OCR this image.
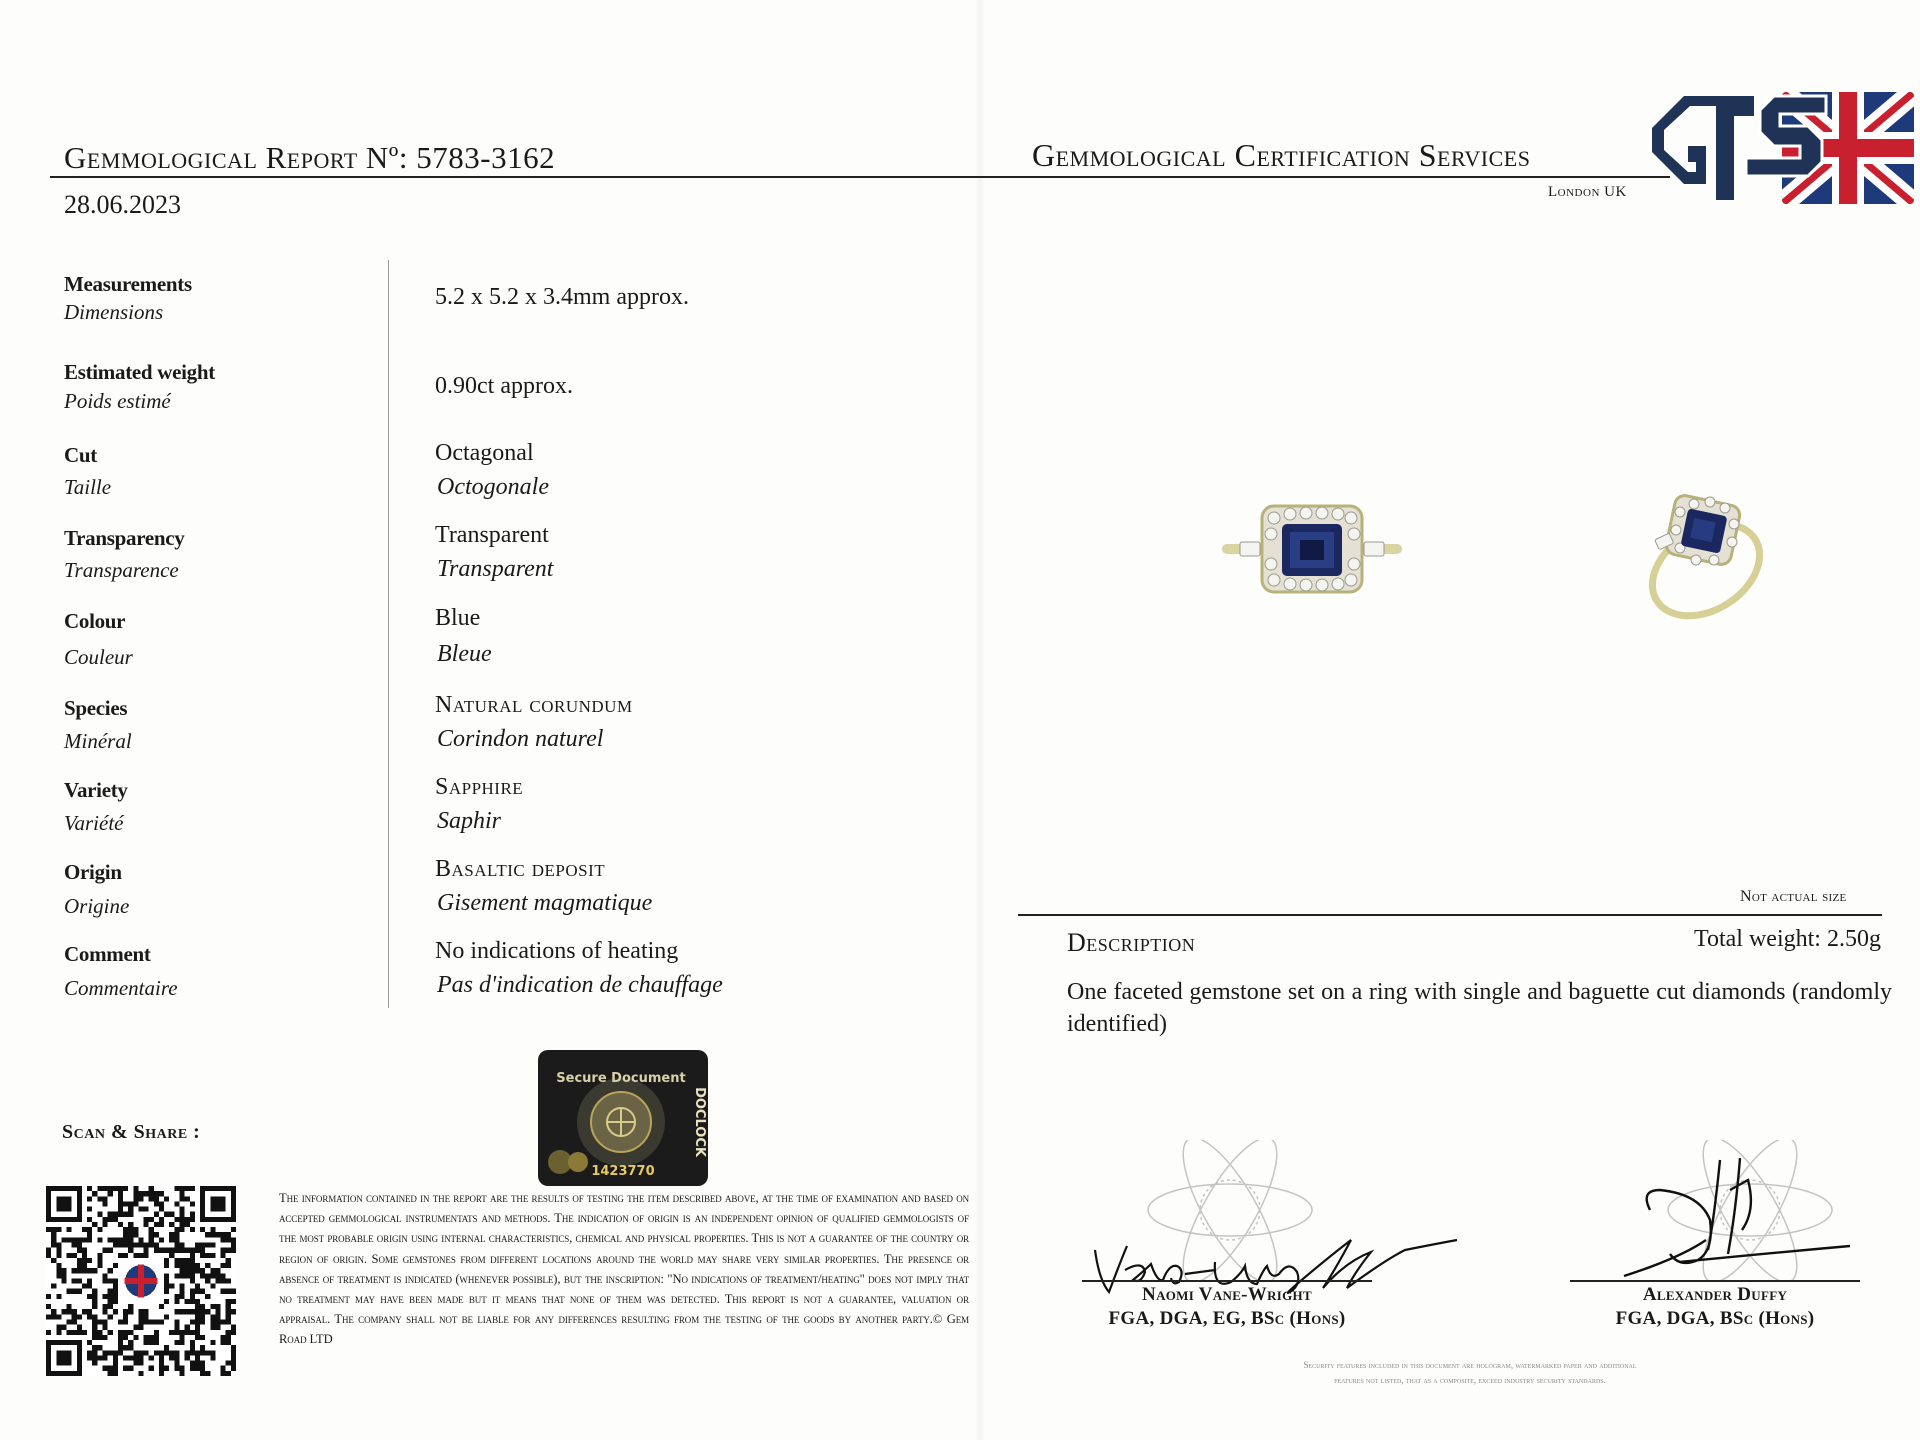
Gemmological Report Nº: 5783-3162
28.06.2023
Gemmological Certification Services
London UK
Measurements
Dimensions
5.2 x 5.2 x 3.4mm approx.
Estimated weight
Poids estimé
0.90ct approx.
Cut
Taille
Octagonal
Octogonale
Transparency
Transparence
Transparent
Transparent
Colour
Couleur
Blue
Bleue
Species
Minéral
Natural corundum
Corindon naturel
Variety
Variété
Sapphire
Saphir
Origin
Origine
Basaltic deposit
Gisement magmatique
Comment
Commentaire
No indications of heating
Pas d'indication de chauffage
Scan & Share :
Secure Document
DOCLOCK
1423770
The information contained in the report are the results of testing the item described above, at the time of examination and based on accepted gemmological instrumentats and methods. The indication of origin is an independent opinion of qualified gemmologists of the most probable origin using internal characteristics, chemical and physical properties. This is not a guarantee of the country or region of origin. Some gemstones from different locations around the world may share very similar properties. The presence or absence of treatment is indicated (whenever possible), but the inscription: "No indications of treatment/heating" does not imply that no treatment may have been made but it means that none of them was detected. This report is not a guarantee, valuation or appraisal. The company shall not be liable for any differences resulting from the testing of the goods by another party.© Gem Road LTD
Not actual size
Description	Total weight: 2.50g
One faceted gemstone set on a ring with single and baguette cut diamonds (randomly identified)
Naomi Vane-Wright
FGA, DGA, EG, BSc (Hons)
Alexander Duffy
FGA, DGA, BSc (Hons)
Security features included in this document are hologram, watermarked paper and additional features not listed, that as a composite, exceed industry security standards.
